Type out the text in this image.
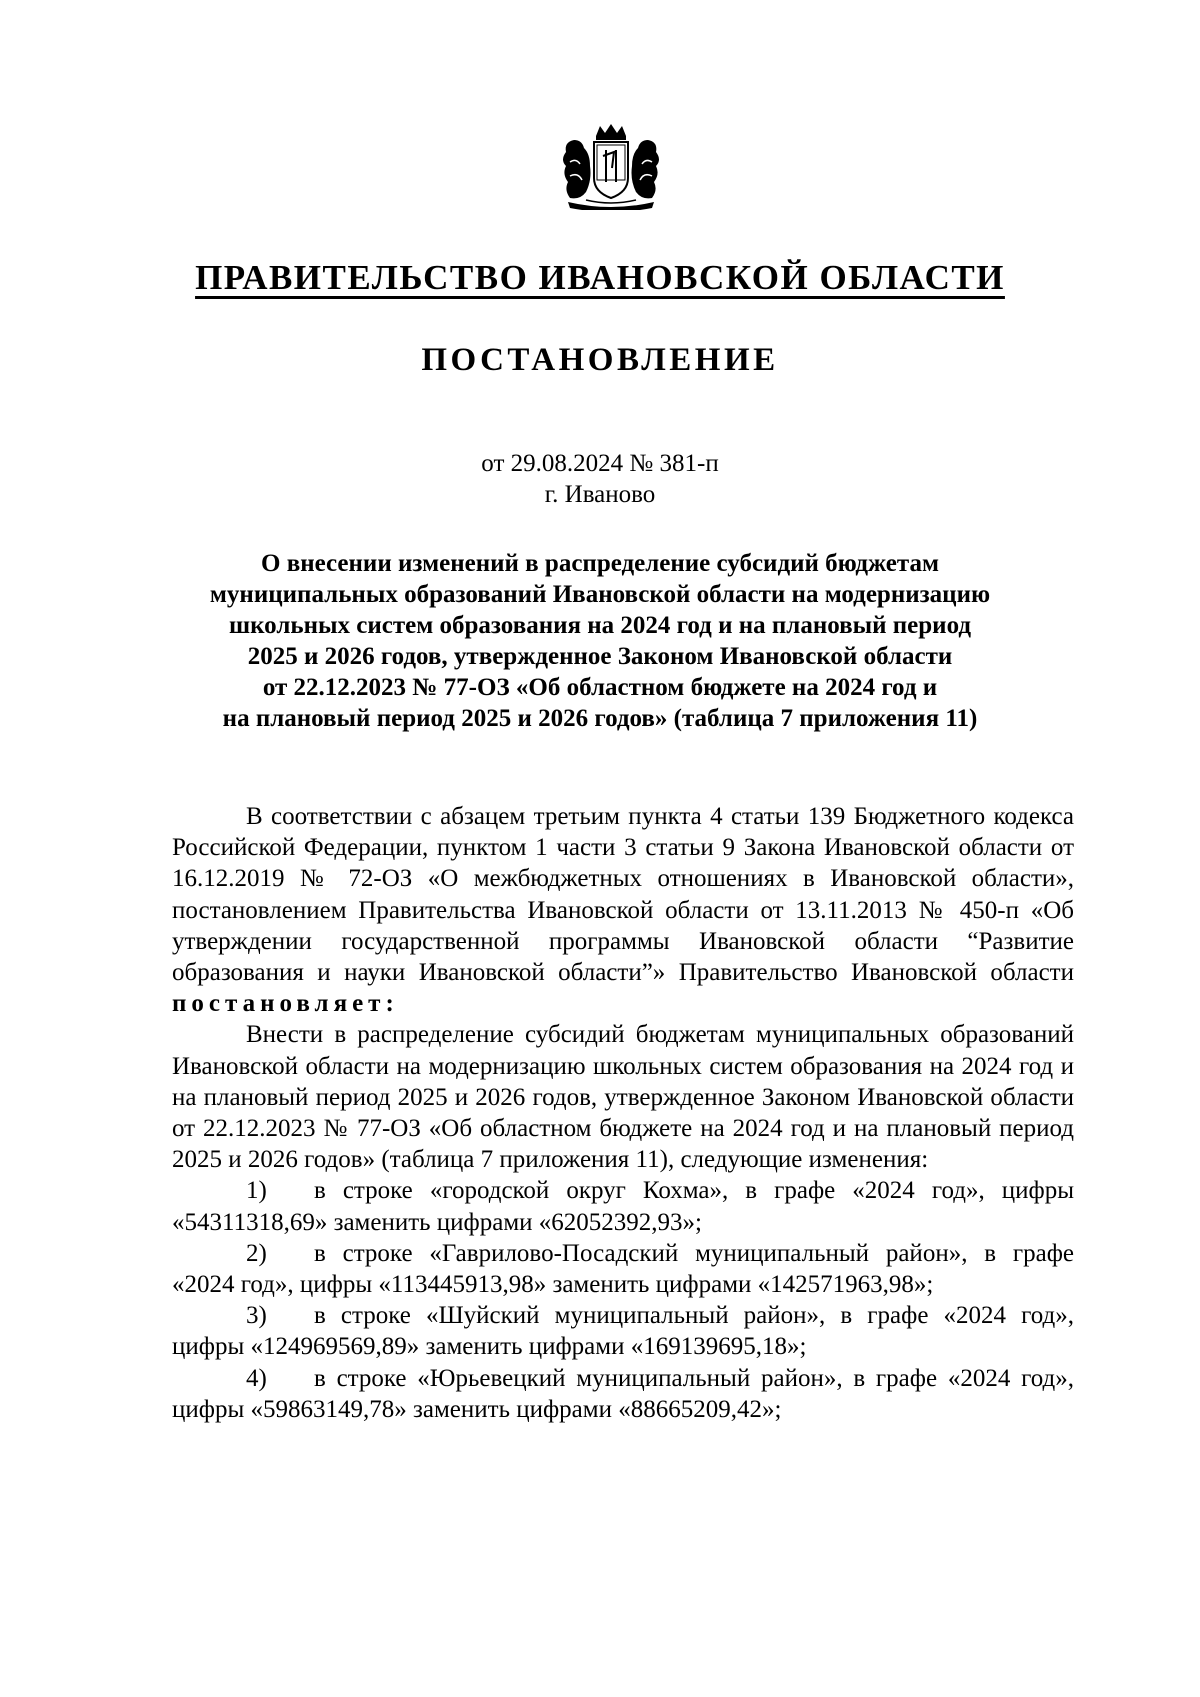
ПРАВИТЕЛЬСТВО ИВАНОВСКОЙ ОБЛАСТИ
ПОСТАНОВЛЕНИЕ
от 29.08.2024 № 381-п
г. Иваново
О внесении изменений в распределение субсидий бюджетам
муниципальных образований Ивановской области на модернизацию
школьных систем образования на 2024 год и на плановый период
2025 и 2026 годов, утвержденное Законом Ивановской области
от 22.12.2023 № 77-ОЗ «Об областном бюджете на 2024 год и
на плановый период 2025 и 2026 годов» (таблица 7 приложения 11)

В соответствии с абзацем третьим пункта 4 статьи 139 Бюджетного кодекса Российской Федерации, пунктом 1 части 3 статьи 9 Закона Ивановской области от 16.12.2019 № 72-ОЗ «О межбюджетных отношениях в Ивановской области», постановлением Правительства Ивановской области от 13.11.2013 № 450-п «Об утверждении государственной программы Ивановской области “Развитие образования и науки Ивановской области”» Правительство Ивановской области постановляет:

Внести в распределение субсидий бюджетам муниципальных образований Ивановской области на модернизацию школьных систем образования на 2024 год и на плановый период 2025 и 2026 годов, утвержденное Законом Ивановской области от 22.12.2023 № 77-ОЗ «Об областном бюджете на 2024 год и на плановый период 2025 и 2026 годов» (таблица 7 приложения 11), следующие изменения:

1) в строке «городской округ Кохма», в графе «2024 год», цифры «54311318,69» заменить цифрами «62052392,93»;

2) в строке «Гаврилово-Посадский муниципальный район», в графе «2024 год», цифры «113445913,98» заменить цифрами «142571963,98»;

3) в строке «Шуйский муниципальный район», в графе «2024 год», цифры «124969569,89» заменить цифрами «169139695,18»;

4) в строке «Юрьевецкий муниципальный район», в графе «2024 год», цифры «59863149,78» заменить цифрами «88665209,42»;
